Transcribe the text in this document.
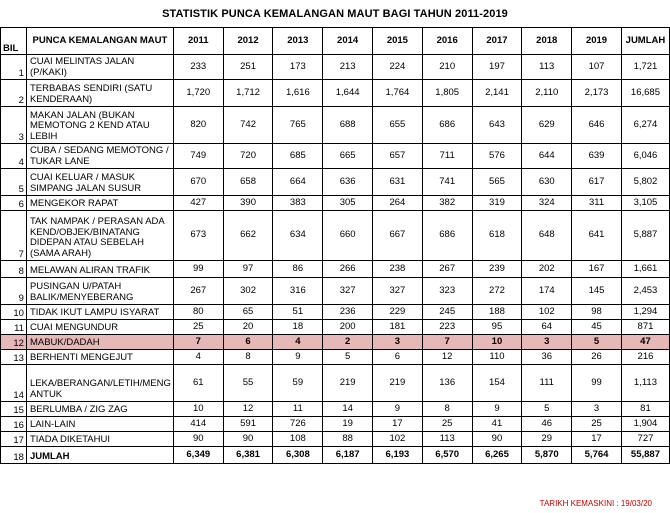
STATISTIK PUNCA KEMALANGAN MAUT BAGI TAHUN 2011-2019
BIL	PUNCA KEMALANGAN MAUT	2011	2012	2013	2014	2015	2016	2017	2018	2019	JUMLAH
1	CUAI MELINTAS JALAN (P/KAKI)	233	251	173	213	224	210	197	113	107	1,721
2	TERBABAS SENDIRI (SATU KENDERAAN)	1,720	1,712	1,616	1,644	1,764	1,805	2,141	2,110	2,173	16,685
3	MAKAN JALAN (BUKAN MEMOTONG 2 KEND ATAU LEBIH	820	742	765	688	655	686	643	629	646	6,274
4	CUBA / SEDANG MEMOTONG / TUKAR LANE	749	720	685	665	657	711	576	644	639	6,046
5	CUAI KELUAR / MASUK SIMPANG JALAN SUSUR	670	658	664	636	631	741	565	630	617	5,802
6	MENGEKOR RAPAT	427	390	383	305	264	382	319	324	311	3,105
7	TAK NAMPAK / PERASAN ADA KEND/OBJEK/BINATANG DIDEPAN ATAU SEBELAH (SAMA ARAH)	673	662	634	660	667	686	618	648	641	5,887
8	MELAWAN ALIRAN TRAFIK	99	97	86	266	238	267	239	202	167	1,661
9	PUSINGAN U/PATAH BALIK/MENYEBERANG	267	302	316	327	327	323	272	174	145	2,453
10	TIDAK IKUT LAMPU ISYARAT	80	65	51	236	229	245	188	102	98	1,294
11	CUAI MENGUNDUR	25	20	18	200	181	223	95	64	45	871
12	MABUK/DADAH	7	6	4	2	3	7	10	3	5	47
13	BERHENTI MENGEJUT	4	8	9	5	6	12	110	36	26	216
14	LEKA/BERANGAN/LETIH/MENG ANTUK	61	55	59	219	219	136	154	111	99	1,113
15	BERLUMBA / ZIG ZAG	10	12	11	14	9	8	9	5	3	81
16	LAIN-LAIN	414	591	726	19	17	25	41	46	25	1,904
17	TIADA DIKETAHUI	90	90	108	88	102	113	90	29	17	727
18	JUMLAH	6,349	6,381	6,308	6,187	6,193	6,570	6,265	5,870	5,764	55,887
TARIKH KEMASKINI : 19/03/20
